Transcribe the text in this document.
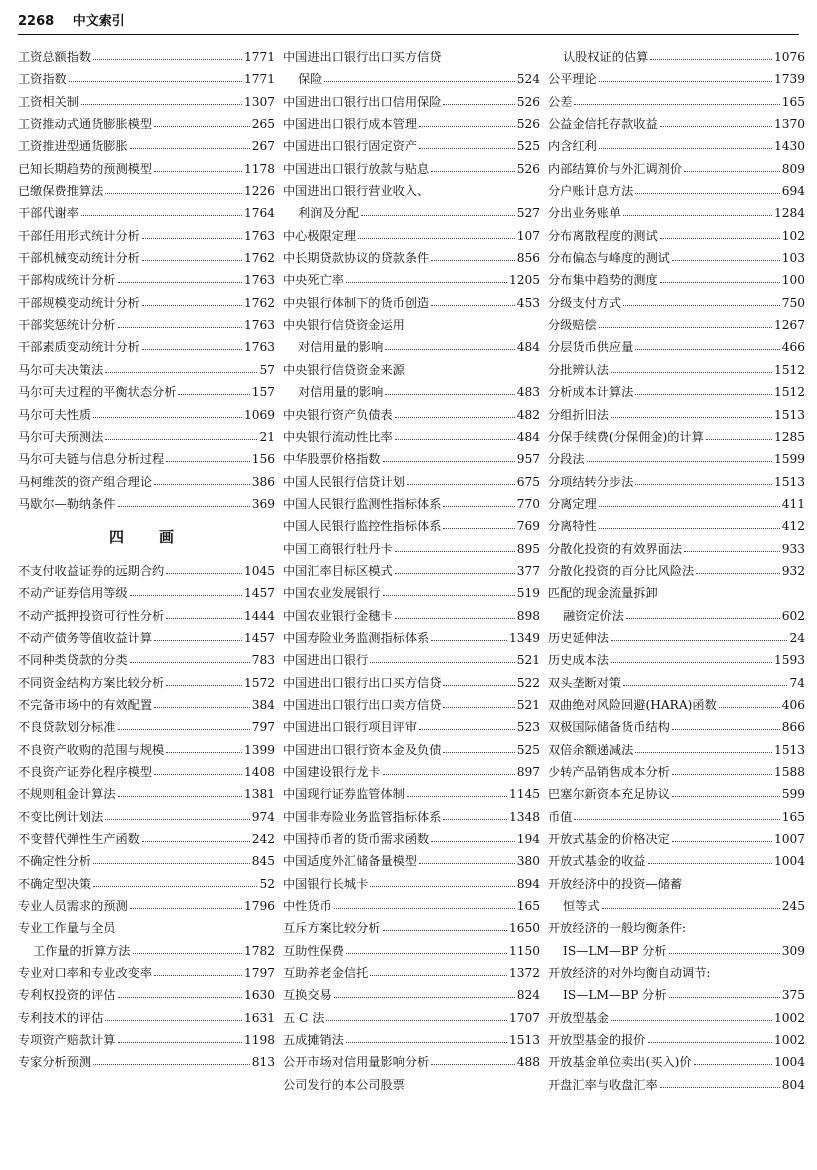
2268 中文索引
工资总额指数	1771
工资指数	1771
工资相关制	1307
工资推动式通货膨胀模型	265
工资推进型通货膨胀	267
已知长期趋势的预测模型	1178
已缴保费推算法	1226
干部代谢率	1764
干部任用形式统计分析	1763
干部机械变动统计分析	1762
干部构成统计分析	1763
干部规模变动统计分析	1762
干部奖惩统计分析	1763
干部素质变动统计分析	1763
马尔可夫决策法	57
马尔可夫过程的平衡状态分析	157
马尔可夫性质	1069
马尔可夫预测法	21
马尔可夫链与信息分析过程	156
马柯维茨的资产组合理论	386
马歇尔—勒纳条件	369
四　画
不支付收益证券的远期合约	1045
不动产证券信用等级	1457
不动产抵押投资可行性分析	1444
不动产债务等值收益计算	1457
不同种类贷款的分类	783
不同资金结构方案比较分析	1572
不完备市场中的有效配置	384
不良贷款划分标准	797
不良资产收购的范围与规模	1399
不良资产证券化程序模型	1408
不规则租金计算法	1381
不变比例计划法	974
不变替代弹性生产函数	242
不确定性分析	845
不确定型决策	52
专业人员需求的预测	1796
专业工作量与全员
工作量的折算方法	1782
专业对口率和专业改变率	1797
专利权投资的评估	1630
专利技术的评估	1631
专项资产赔款计算	1198
专家分析预测	813
中国进出口银行出口买方信贷
保险	524
中国进出口银行出口信用保险	526
中国进出口银行成本管理	526
中国进出口银行固定资产	525
中国进出口银行放款与贴息	526
中国进出口银行营业收入、
利润及分配	527
中心极限定理	107
中长期贷款协议的贷款条件	856
中央死亡率	1205
中央银行体制下的货币创造	453
中央银行信贷资金运用
对信用量的影响	484
中央银行信贷资金来源
对信用量的影响	483
中央银行资产负债表	482
中央银行流动性比率	484
中华股票价格指数	957
中国人民银行信贷计划	675
中国人民银行监测性指标体系	770
中国人民银行监控性指标体系	769
中国工商银行牡丹卡	895
中国汇率目标区模式	377
中国农业发展银行	519
中国农业银行金穗卡	898
中国寿险业务监测指标体系	1349
中国进出口银行	521
中国进出口银行出口买方信贷	522
中国进出口银行出口卖方信贷	521
中国进出口银行项目评审	523
中国进出口银行资本金及负债	525
中国建设银行龙卡	897
中国现行证券监管体制	1145
中国非寿险业务监管指标体系	1348
中国持币者的货币需求函数	194
中国适度外汇储备量模型	380
中国银行长城卡	894
中性货币	165
互斥方案比较分析	1650
互助性保费	1150
互助养老金信托	1372
互换交易	824
五 C 法	1707
五成摊销法	1513
公开市场对信用量影响分析	488
公司发行的本公司股票
认股权证的估算	1076
公平理论	1739
公差	165
公益金信托存款收益	1370
内含红利	1430
内部结算价与外汇调剂价	809
分户账计息方法	694
分出业务账单	1284
分布离散程度的测试	102
分布偏态与峰度的测试	103
分布集中趋势的测度	100
分级支付方式	750
分级赔偿	1267
分层货币供应量	466
分批辨认法	1512
分析成本计算法	1512
分组折旧法	1513
分保手续费(分保佣金)的计算	1285
分段法	1599
分项结转分步法	1513
分离定理	411
分离特性	412
分散化投资的有效界面法	933
分散化投资的百分比风险法	932
匹配的现金流量拆卸
融资定价法	602
历史延伸法	24
历史成本法	1593
双头垄断对策	74
双曲绝对风险回避(HARA)函数	406
双极国际储备货币结构	866
双倍余额递减法	1513
少转产品销售成本分析	1588
巴塞尔新资本充足协议	599
币值	165
开放式基金的价格决定	1007
开放式基金的收益	1004
开放经济中的投资—储蓄
恒等式	245
开放经济的一般均衡条件:
IS—LM—BP 分析	309
开放经济的对外均衡自动调节:
IS—LM—BP 分析	375
开放型基金	1002
开放型基金的报价	1002
开放基金单位卖出(买入)价	1004
开盘汇率与收盘汇率	804
